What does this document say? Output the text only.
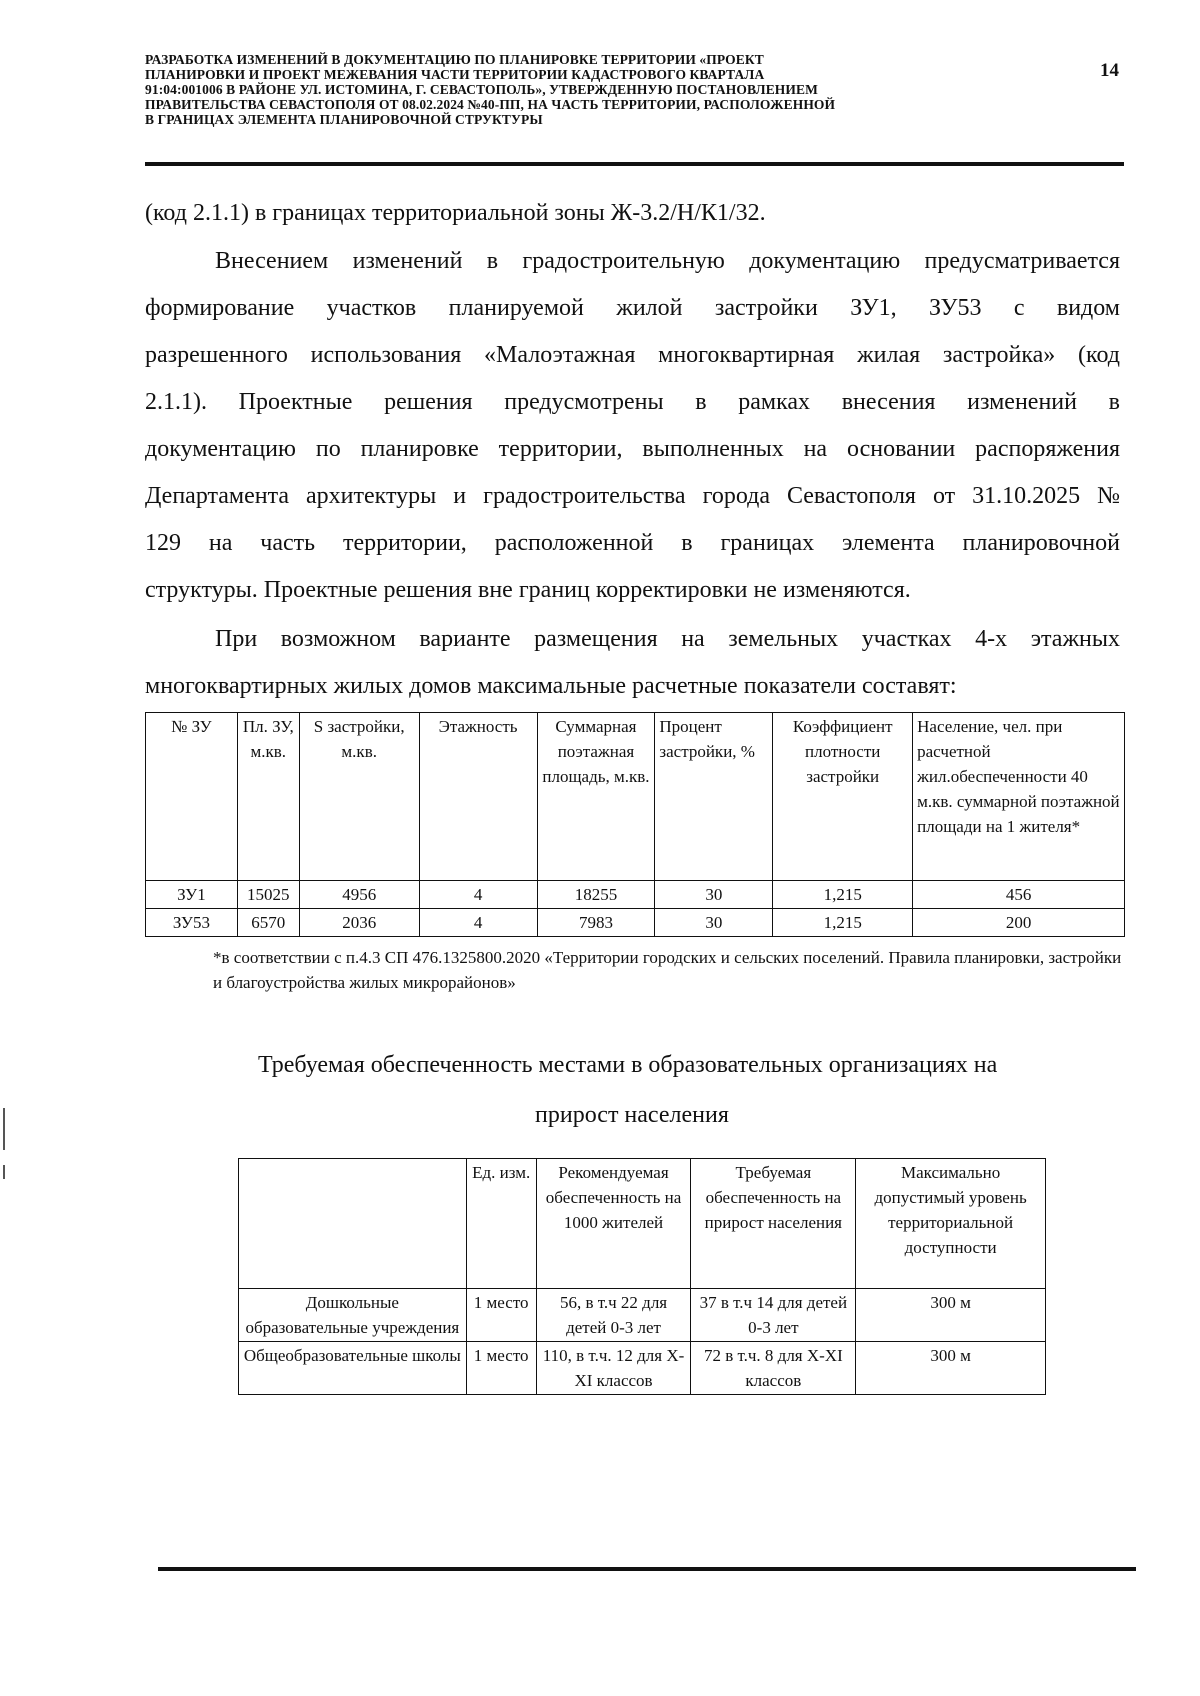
РАЗРАБОТКА ИЗМЕНЕНИЙ В ДОКУМЕНТАЦИЮ ПО ПЛАНИРОВКЕ ТЕРРИТОРИИ «ПРОЕКТ
ПЛАНИРОВКИ И ПРОЕКТ МЕЖЕВАНИЯ ЧАСТИ ТЕРРИТОРИИ КАДАСТРОВОГО КВАРТАЛА
91:04:001006 В РАЙОНЕ УЛ. ИСТОМИНА, Г. СЕВАСТОПОЛЬ», УТВЕРЖДЕННУЮ ПОСТАНОВЛЕНИЕМ
ПРАВИТЕЛЬСТВА СЕВАСТОПОЛЯ ОТ 08.02.2024 №40-ПП, НА ЧАСТЬ ТЕРРИТОРИИ, РАСПОЛОЖЕННОЙ
В ГРАНИЦАХ ЭЛЕМЕНТА ПЛАНИРОВОЧНОЙ СТРУКТУРЫ
14
(код 2.1.1) в границах территориальной зоны Ж-3.2/Н/К1/32.
Внесением изменений в градостроительную документацию предусматривается
формирование участков планируемой жилой застройки ЗУ1, ЗУ53 с видом
разрешенного использования «Малоэтажная многоквартирная жилая застройка» (код
2.1.1). Проектные решения предусмотрены в рамках внесения изменений в
документацию по планировке территории, выполненных на основании распоряжения
Департамента архитектуры и градостроительства города Севастополя от 31.10.2025 №
129 на часть территории, расположенной в границах элемента планировочной
структуры. Проектные решения вне границ корректировки не изменяются.
При возможном варианте размещения на земельных участках 4-х этажных
многоквартирных жилых домов максимальные расчетные показатели составят:
№ ЗУ	Пл. ЗУ, м.кв.	S застройки, м.кв.	Этажность	Суммарная поэтажная площадь, м.кв.	Процент застройки, %	Коэффициент плотности застройки	Население, чел. при расчетной жил.обеспеченности 40 м.кв. суммарной поэтажной площади на 1 жителя*
ЗУ1	15025	4956	4	18255	30	1,215	456
ЗУ53	6570	2036	4	7983	30	1,215	200
*в соответствии с п.4.3 СП 476.1325800.2020 «Территории городских и сельских поселений. Правила планировки, застройки и благоустройства жилых микрорайонов»
Требуемая обеспеченность местами в образовательных организациях на
прирост населения
	Ед. изм.	Рекомендуемая обеспеченность на 1000 жителей	Требуемая обеспеченность на прирост населения	Максимально допустимый уровень территориальной доступности
Дошкольные образовательные учреждения	1 место	56, в т.ч 22 для детей 0-3 лет	37 в т.ч 14 для детей 0-3 лет	300 м
Общеобразовательные школы	1 место	110, в т.ч. 12 для X-XI классов	72 в т.ч. 8 для X-XI классов	300 м
